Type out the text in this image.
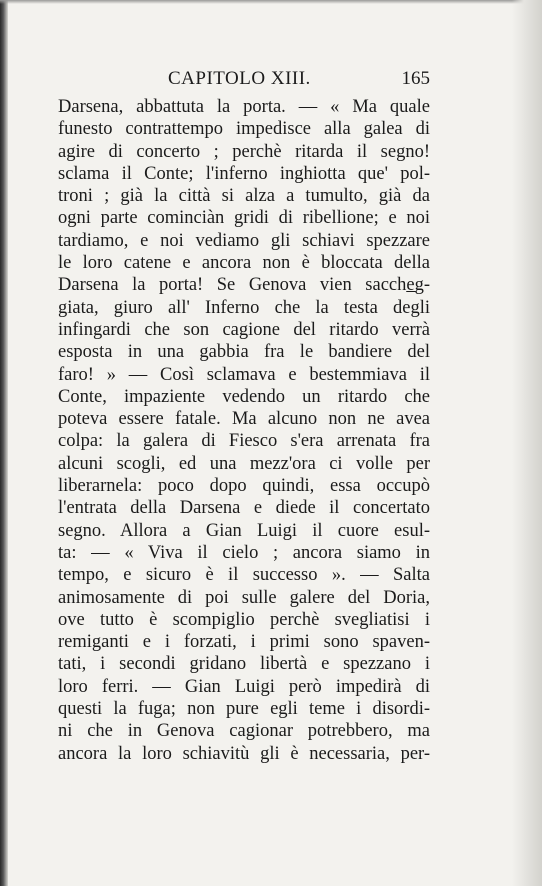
CAPITOLO XIII.	165
Darsena, abbattuta la porta. — « Ma quale
funesto contrattempo impedisce alla galea di
agire di concerto ; perchè ritarda il segno!
sclama il Conte; l'inferno inghiotta que' pol-
troni ; già la città si alza a tumulto, già da
ogni parte cominciàn gridi di ribellione; e noi
tardiamo, e noi vediamo gli schiavi spezzare
le loro catene e ancora non è bloccata della
Darsena la porta! Se Genova vien sacche̲g-
giata, giuro all' Inferno che la testa degli
infingardi che son cagione del ritardo verrà
esposta in una gabbia fra le bandiere del
faro! » — Così sclamava e bestemmiava il
Conte, impaziente vedendo un ritardo che
poteva essere fatale. Ma alcuno non ne avea
colpa: la galera di Fiesco s'era arrenata fra
alcuni scogli, ed una mezz'ora ci volle per
liberarnela: poco dopo quindi, essa occupò
l'entrata della Darsena e diede il concertato
segno. Allora a Gian Luigi il cuore esul-
ta: — « Viva il cielo ; ancora siamo in
tempo, e sicuro è il successo ». — Salta
animosamente di poi sulle galere del Doria,
ove tutto è scompiglio perchè svegliatisi i
remiganti e i forzati, i primi sono spaven-
tati, i secondi gridano libertà e spezzano i
loro ferri. — Gian Luigi però impedirà di
questi la fuga; non pure egli teme i disordi-
ni che in Genova cagionar potrebbero, ma
ancora la loro schiavitù gli è necessaria, per-
